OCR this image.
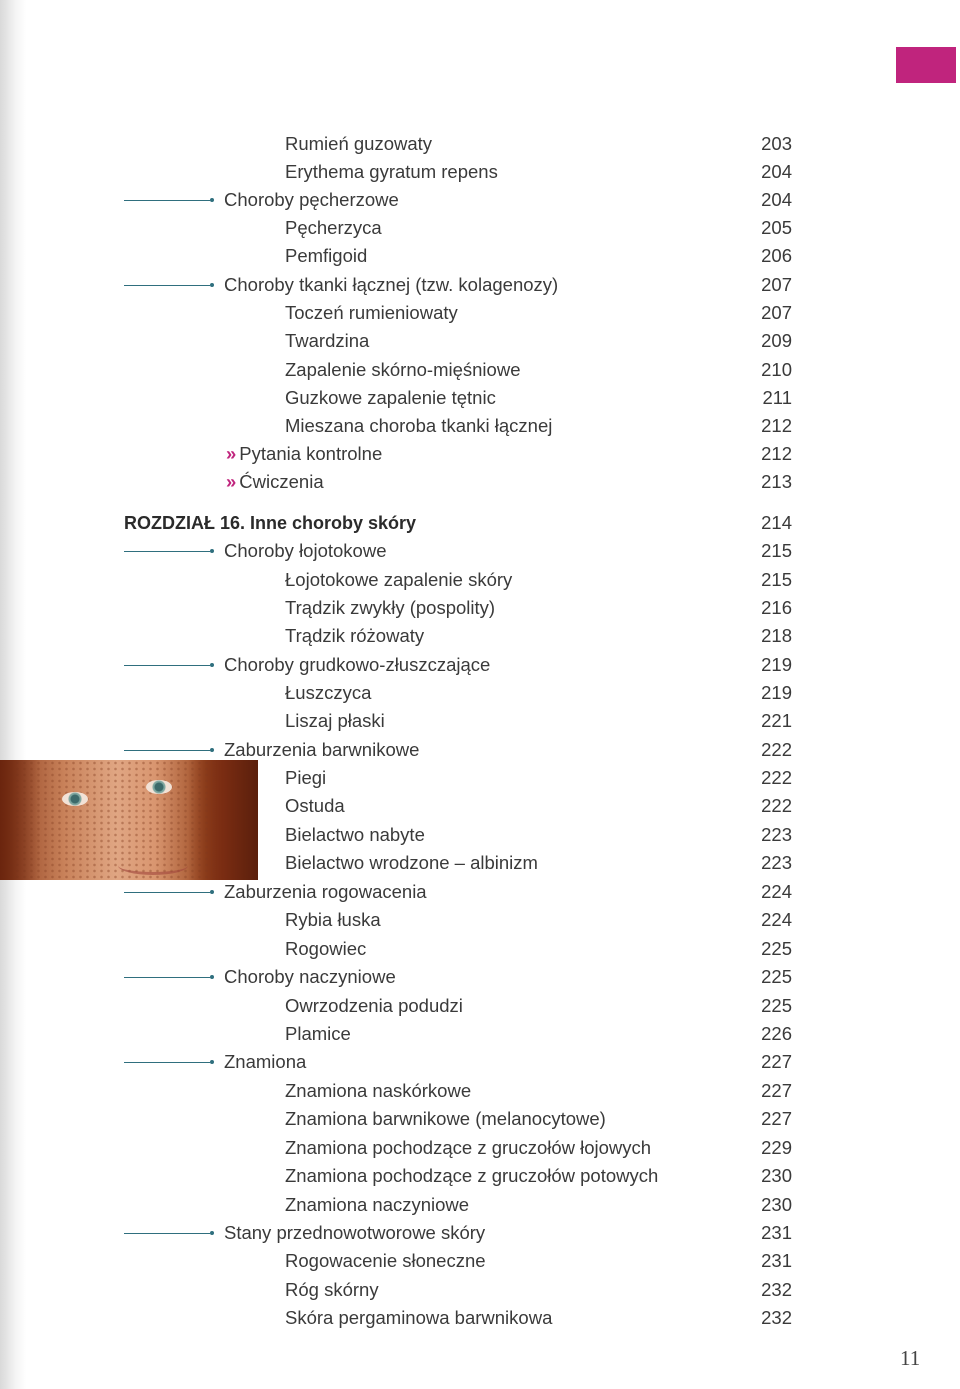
Rumień guzowaty	203
Erythema gyratum repens	204
Choroby pęcherzowe	204
Pęcherzyca	205
Pemfigoid	206
Choroby tkanki łącznej (tzw. kolagenozy)	207
Toczeń rumieniowaty	207
Twardzina	209
Zapalenie skórno-mięśniowe	210
Guzkowe zapalenie tętnic	211
Mieszana choroba tkanki łącznej	212
» Pytania kontrolne	212
» Ćwiczenia	213
ROZDZIAŁ 16. Inne choroby skóry	214
Choroby łojotokowe	215
Łojotokowe zapalenie skóry	215
Trądzik zwykły (pospolity)	216
Trądzik różowaty	218
Choroby grudkowo-złuszczające	219
Łuszczyca	219
Liszaj płaski	221
Zaburzenia barwnikowe	222
Piegi	222
Ostuda	222
Bielactwo nabyte	223
Bielactwo wrodzone – albinizm	223
Zaburzenia rogowacenia	224
Rybia łuska	224
Rogowiec	225
Choroby naczyniowe	225
Owrzodzenia podudzi	225
Plamice	226
Znamiona	227
Znamiona naskórkowe	227
Znamiona barwnikowe (melanocytowe)	227
Znamiona pochodzące z gruczołów łojowych	229
Znamiona pochodzące z gruczołów potowych	230
Znamiona naczyniowe	230
Stany przednowotworowe skóry	231
Rogowacenie słoneczne	231
Róg skórny	232
Skóra pergaminowa barwnikowa	232
11
